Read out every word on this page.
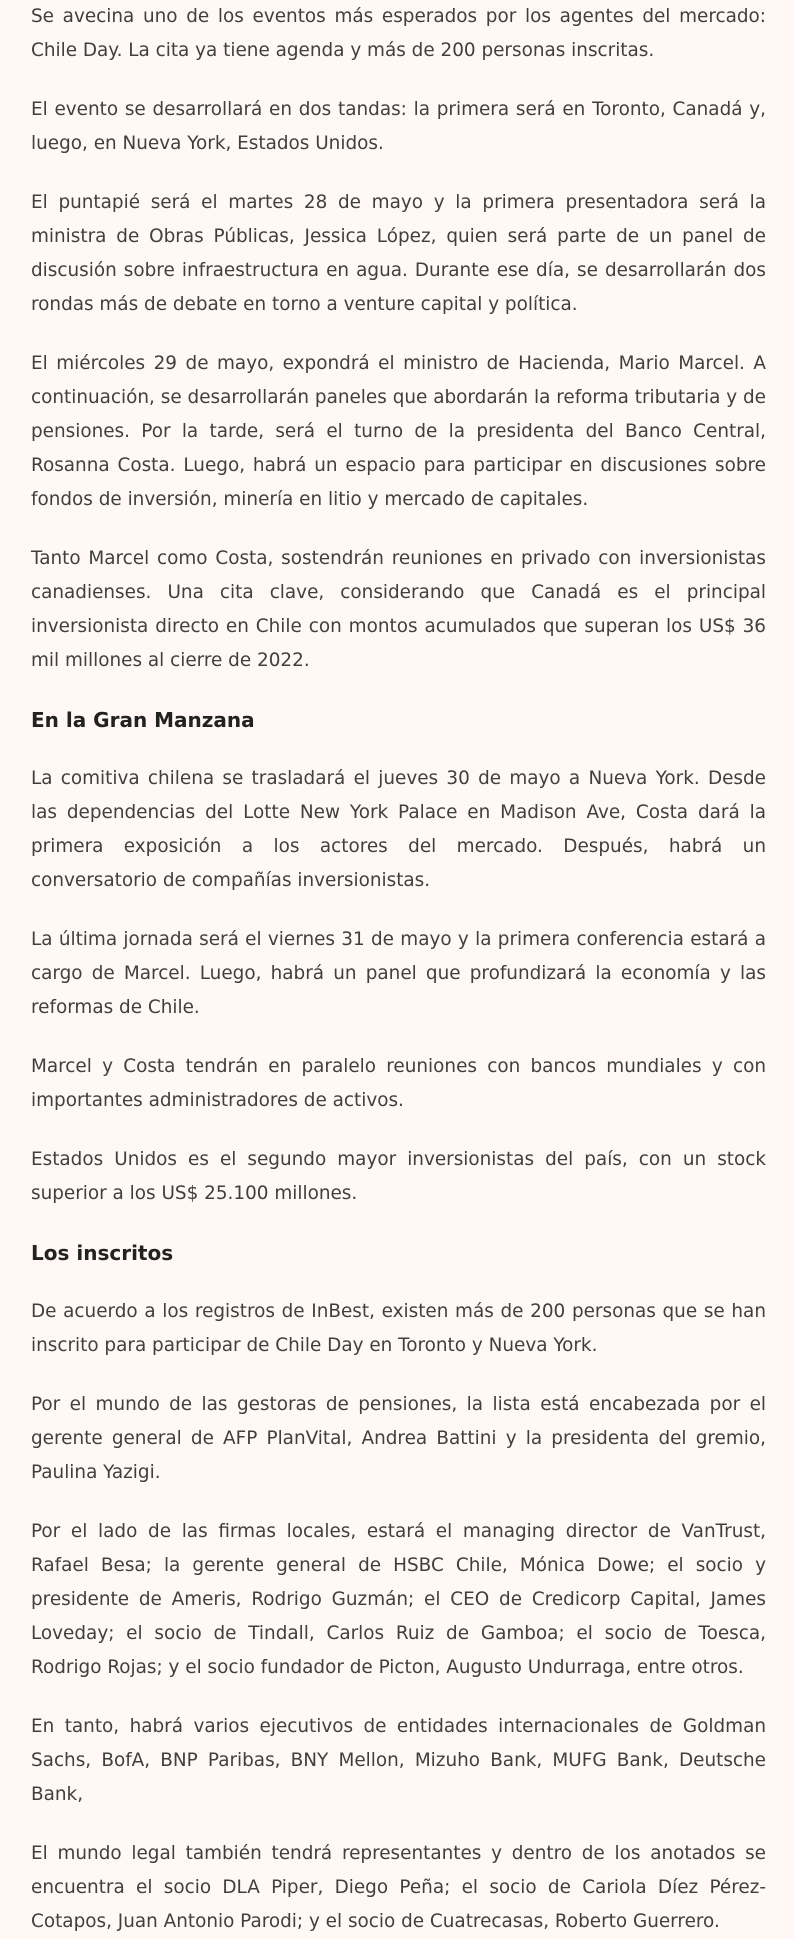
Se avecina uno de los eventos más esperados por los agentes del mercado: Chile Day. La cita ya tiene agenda y más de 200 personas inscritas.

El evento se desarrollará en dos tandas: la primera será en Toronto, Canadá y, luego, en Nueva York, Estados Unidos.

El puntapié será el martes 28 de mayo y la primera presentadora será la ministra de Obras Públicas, Jessica López, quien será parte de un panel de discusión sobre infraestructura en agua. Durante ese día, se desarrollarán dos rondas más de debate en torno a venture capital y política.

El miércoles 29 de mayo, expondrá el ministro de Hacienda, Mario Marcel. A continuación, se desarrollarán paneles que abordarán la reforma tributaria y de pensiones. Por la tarde, será el turno de la presidenta del Banco Central, Rosanna Costa. Luego, habrá un espacio para participar en discusiones sobre fondos de inversión, minería en litio y mercado de capitales.

Tanto Marcel como Costa, sostendrán reuniones en privado con inversionistas canadienses. Una cita clave, considerando que Canadá es el principal inversionista directo en Chile con montos acumulados que superan los US$ 36 mil millones al cierre de 2022.

En la Gran Manzana

La comitiva chilena se trasladará el jueves 30 de mayo a Nueva York. Desde las dependencias del Lotte New York Palace en Madison Ave, Costa dará la primera exposición a los actores del mercado. Después, habrá un conversatorio de compañías inversionistas.

La última jornada será el viernes 31 de mayo y la primera conferencia estará a cargo de Marcel. Luego, habrá un panel que profundizará la economía y las reformas de Chile.

Marcel y Costa tendrán en paralelo reuniones con bancos mundiales y con importantes administradores de activos.

Estados Unidos es el segundo mayor inversionistas del país, con un stock superior a los US$ 25.100 millones.

Los inscritos

De acuerdo a los registros de InBest, existen más de 200 personas que se han inscrito para participar de Chile Day en Toronto y Nueva York.

Por el mundo de las gestoras de pensiones, la lista está encabezada por el gerente general de AFP PlanVital, Andrea Battini y la presidenta del gremio, Paulina Yazigi.

Por el lado de las firmas locales, estará el managing director de VanTrust, Rafael Besa; la gerente general de HSBC Chile, Mónica Dowe; el socio y presidente de Ameris, Rodrigo Guzmán; el CEO de Credicorp Capital, James Loveday; el socio de Tindall, Carlos Ruiz de Gamboa; el socio de Toesca, Rodrigo Rojas; y el socio fundador de Picton, Augusto Undurraga, entre otros.

En tanto, habrá varios ejecutivos de entidades internacionales de Goldman Sachs, BofA, BNP Paribas, BNY Mellon, Mizuho Bank, MUFG Bank, Deutsche Bank,

El mundo legal también tendrá representantes y dentro de los anotados se encuentra el socio DLA Piper, Diego Peña; el socio de Cariola Díez Pérez-Cotapos, Juan Antonio Parodi; y el socio de Cuatrecasas, Roberto Guerrero.
